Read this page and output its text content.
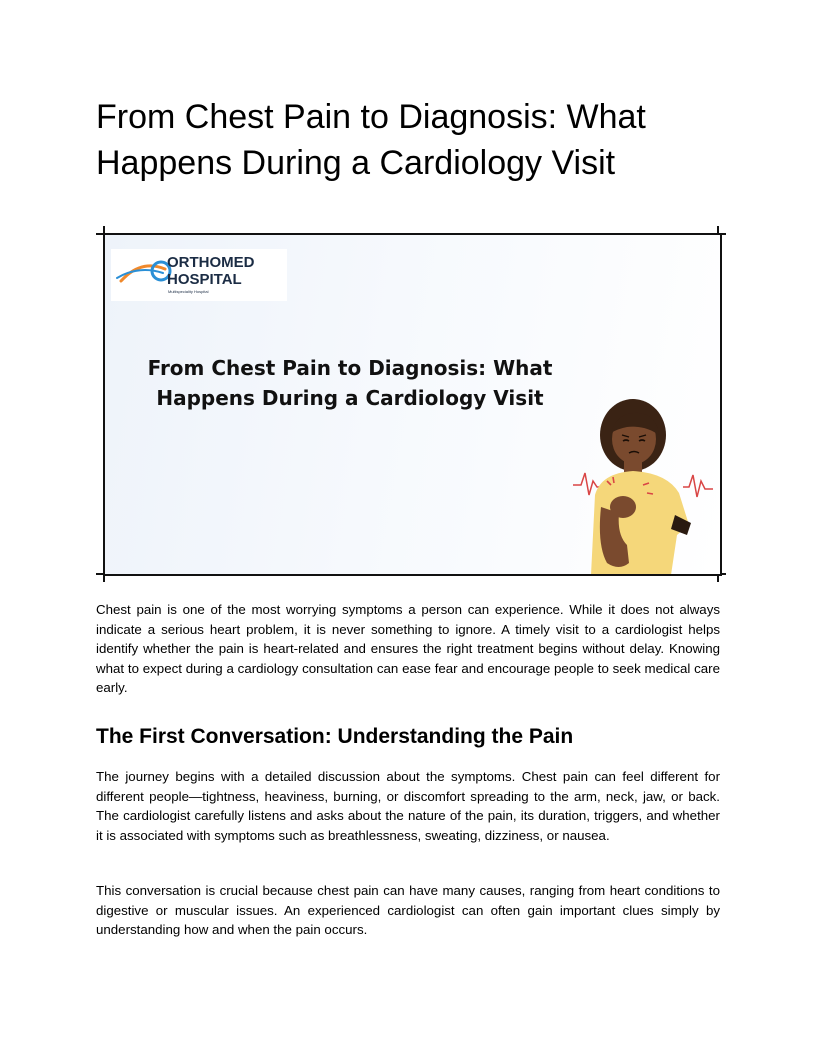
From Chest Pain to Diagnosis: What Happens During a Cardiology Visit
ORTHOMED
HOSPITAL
Multispeciality Hospital
From Chest Pain to Diagnosis: What Happens During a Cardiology Visit

Chest pain is one of the most worrying symptoms a person can experience. While it does not always indicate a serious heart problem, it is never something to ignore. A timely visit to a cardiologist helps identify whether the pain is heart-related and ensures the right treatment begins without delay. Knowing what to expect during a cardiology consultation can ease fear and encourage people to seek medical care early.

The First Conversation: Understanding the Pain

The journey begins with a detailed discussion about the symptoms. Chest pain can feel different for different people—tightness, heaviness, burning, or discomfort spreading to the arm, neck, jaw, or back. The cardiologist carefully listens and asks about the nature of the pain, its duration, triggers, and whether it is associated with symptoms such as breathlessness, sweating, dizziness, or nausea.

This conversation is crucial because chest pain can have many causes, ranging from heart conditions to digestive or muscular issues. An experienced cardiologist can often gain important clues simply by understanding how and when the pain occurs.
